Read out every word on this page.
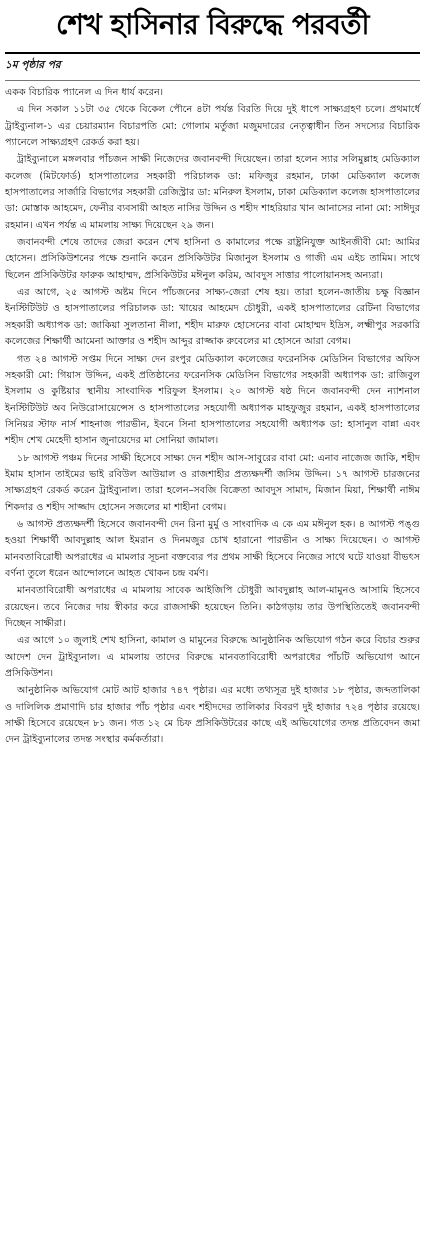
শেখ হাসিনার বিরুদ্ধে পরবর্তী
১ম পৃষ্ঠার পর

একক বিচারিক প্যানেল এ দিন ধার্য করেন।

এ দিন সকাল ১১টা ৩৫ থেকে বিকেল পৌনে ৪টা পর্যন্ত বিরতি দিয়ে দুই ধাপে সাক্ষ্যগ্রহণ চলে। প্রথমার্ধে ট্রাইব্যুনাল-১ এর চেয়ারম্যান বিচারপতি মো: গোলাম মর্তুজা মজুমদারের নেতৃত্বাধীন তিন সদস্যের বিচারিক প্যানেলে সাক্ষ্যগ্রহণ রেকর্ড করা হয়।

ট্রাইব্যুনালে মঙ্গলবার পাঁচজন সাক্ষী নিজেদের জবানবন্দী দিয়েছেন। তারা হলেন স্যার সলিমুল্লাহ মেডিক্যাল কলেজ (মিটফোর্ড) হাসপাতালের সহকারী পরিচালক ডা: মফিজুর রহমান, ঢাকা মেডিক্যাল কলেজ হাসপাতালের সার্জারি বিভাগের সহকারী রেজিস্ট্রার ডা: মনিরুল ইসলাম, ঢাকা মেডিক্যাল কলেজ হাসপাতালের ডা: মোস্তাক আহমেদ, ফেনীর ব্যবসায়ী আহত নাসির উদ্দিন ও শহীদ শাহরিয়ার খান আনাসের নানা মো: সাঈদুর রহমান। এখন পর্যন্ত এ মামলায় সাক্ষ্য দিয়েছেন ২৯ জন।

জবানবন্দী শেষে তাদের জেরা করেন শেখ হাসিনা ও কামালের পক্ষে রাষ্ট্রনিযুক্ত আইনজীবী মো: আমির হোসেন। প্রসিকিউশনের পক্ষে শুনানি করেন প্রসিকিউটর মিজানুল ইসলাম ও গাজী এম এইচ তামিম। সাথে ছিলেন প্রসিকিউটর ফারুক আহাম্মদ, প্রসিকিউটর মঈনুল করিম, আবদুস সাত্তার পালোয়ানসহ অন্যরা।

এর আগে, ২৫ আগস্ট অষ্টম দিনে পাঁচজনের সাক্ষ্য-জেরা শেষ হয়। তারা হলেন-জাতীয় চক্ষু বিজ্ঞান ইনস্টিটিউট ও হাসপাতালের পরিচালক ডা: খায়ের আহমেদ চৌধুরী, একই হাসপাতালের রেটিনা বিভাগের সহকারী অধ্যাপক ডা: জাকিয়া সুলতানা নীলা, শহীদ মারুফ হোসেনের বাবা মোহাম্মদ ইদ্রিস, লক্ষ্মীপুর সরকারি কলেজের শিক্ষার্থী আমেনা আক্তার ও শহীদ আব্দুর রাজ্জাক রুবেলের মা হোসনে আরা বেগম।

গত ২৪ আগস্ট সপ্তম দিনে সাক্ষ্য দেন রংপুর মেডিক্যাল কলেজের ফরেনসিক মেডিসিন বিভাগের অফিস সহকারী মো: গিয়াস উদ্দিন, একই প্রতিষ্ঠানের ফরেনসিক মেডিসিন বিভাগের সহকারী অধ্যাপক ডা: রাজিবুল ইসলাম ও কুষ্টিয়ার স্থানীয় সাংবাদিক শরিফুল ইসলাম। ২০ আগস্ট ষষ্ঠ দিনে জবানবন্দী দেন ন্যাশনাল ইনস্টিটিউট অব নিউরোসায়েন্সেস ও হাসপাতালের সহযোগী অধ্যাপক মাহফুজুর রহমান, একই হাসপাতালের সিনিয়র স্টাফ নার্স শাহনাজ পারভীন, ইবনে সিনা হাসপাতালের সহযোগী অধ্যাপক ডা: হাসানুল বান্না এবং শহীদ শেখ মেহেদী হাসান জুনায়েদের মা সোনিয়া জামাল।

১৮ আগস্ট পঞ্চম দিনের সাক্ষী হিসেবে সাক্ষ্য দেন শহীদ আস-সাবুরের বাবা মো: এনাব নাজেজ জাকি, শহীদ ইমাম হাসান তাইমের ভাই রবিউল আউয়াল ও রাজশাহীর প্রত্যক্ষদর্শী জসিম উদ্দিন। ১৭ আগস্ট চারজনের সাক্ষ্যগ্রহণ রেকর্ড করেন ট্রাইব্যুনাল। তারা হলেন–সবজি বিক্রেতা আবদুস সামাদ, মিজান মিয়া, শিক্ষার্থী নাঈম শিকদার ও শহীদ সাজ্জাদ হোসেন সজলের মা শাহীনা বেগম।

৬ আগস্ট প্রত্যক্ষদর্শী হিসেবে জবানবন্দী দেন রিনা মুর্মু ও সাংবাদিক এ কে এম মঈনুল হক। ৪ আগস্ট পঙ্গু হওয়া শিক্ষার্থী আবদুল্লাহ আল ইমরান ও দিনমজুর চোখ হারানো পারভীন ও সাক্ষ্য দিয়েছেন। ৩ আগস্ট মানবতাবিরোধী অপরাধের এ মামলার সূচনা বক্তব্যের পর প্রথম সাক্ষী হিসেবে নিজের সাথে ঘটে যাওয়া বীভৎস বর্ণনা তুলে ধরেন আন্দোলনে আহত খোকন চন্দ্র বর্মণ।

মানবতাবিরোধী অপরাধের এ মামলায় সাবেক আইজিপি চৌধুরী আবদুল্লাহ আল-মামুনও আসামি হিসেবে রয়েছেন। তবে নিজের দায় স্বীকার করে রাজসাক্ষী হয়েছেন তিনি। কাঠগড়ায় তার উপস্থিতিতেই জবানবন্দী দিচ্ছেন সাক্ষীরা।

এর আগে ১০ জুলাই শেখ হাসিনা, কামাল ও মামুনের বিরুদ্ধে আনুষ্ঠানিক অভিযোগ গঠন করে বিচার শুরুর আদেশ দেন ট্রাইব্যুনাল। এ মামলায় তাদের বিরুদ্ধে মানবতাবিরোধী অপরাধের পাঁচটি অভিযোগ আনে প্রসিকিউশন।

আনুষ্ঠানিক অভিযোগ মোট আট হাজার ৭৪৭ পৃষ্ঠার। এর মধ্যে তথ্যসূত্র দুই হাজার ১৮ পৃষ্ঠার, জব্দতালিকা ও দালিলিক প্রমাণাদি চার হাজার পাঁচ পৃষ্ঠার এবং শহীদদের তালিকার বিবরণ দুই হাজার ৭২৪ পৃষ্ঠার রয়েছে। সাক্ষী হিসেবে রয়েছেন ৮১ জন। গত ১২ মে চিফ প্রসিকিউটরের কাছে এই অভিযোগের তদন্ত প্রতিবেদন জমা দেন ট্রাইব্যুনালের তদন্ত সংস্থার কর্মকর্তারা।
